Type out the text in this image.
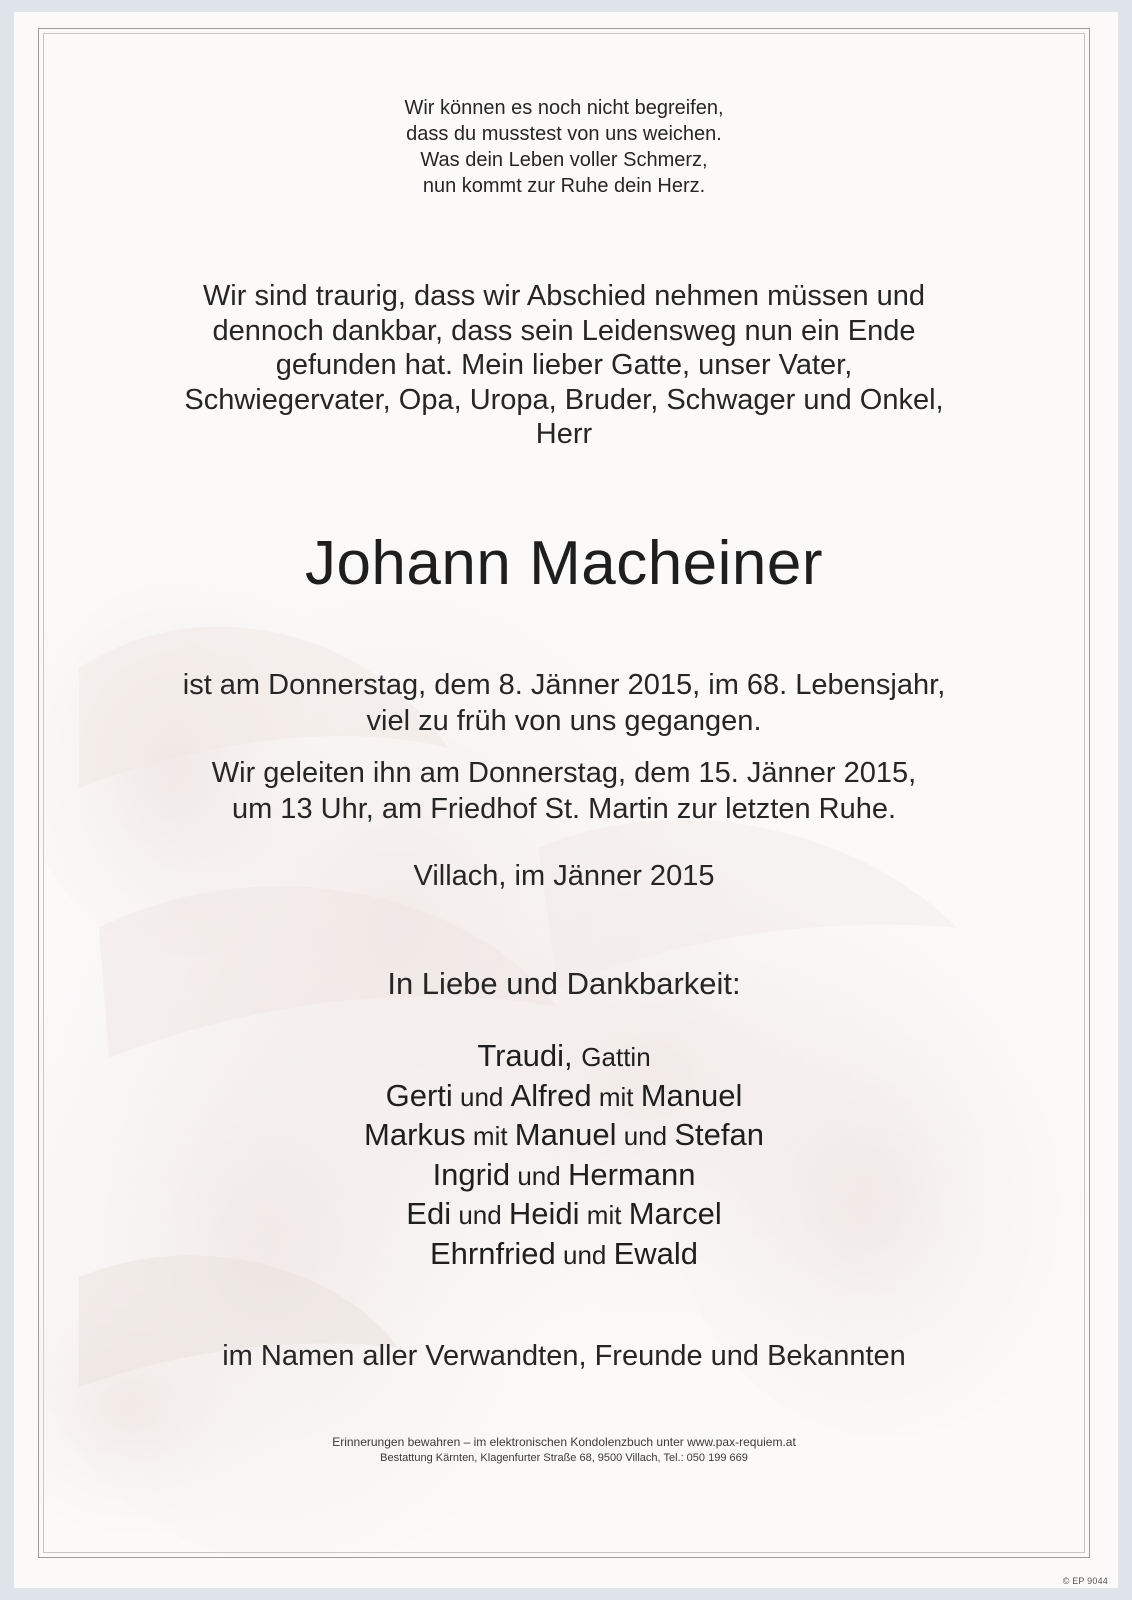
Wir können es noch nicht begreifen,
dass du musstest von uns weichen.
Was dein Leben voller Schmerz,
nun kommt zur Ruhe dein Herz.
Wir sind traurig, dass wir Abschied nehmen müssen und
dennoch dankbar, dass sein Leidensweg nun ein Ende
gefunden hat. Mein lieber Gatte, unser Vater,
Schwiegervater, Opa, Uropa, Bruder, Schwager und Onkel,
Herr
Johann Macheiner
ist am Donnerstag, dem 8. Jänner 2015, im 68. Lebensjahr,
viel zu früh von uns gegangen.
Wir geleiten ihn am Donnerstag, dem 15. Jänner 2015,
um 13 Uhr, am Friedhof St. Martin zur letzten Ruhe.
Villach, im Jänner 2015
In Liebe und Dankbarkeit:
Traudi, Gattin
Gerti und Alfred mit Manuel
Markus mit Manuel und Stefan
Ingrid und Hermann
Edi und Heidi mit Marcel
Ehrnfried und Ewald
im Namen aller Verwandten, Freunde und Bekannten
Erinnerungen bewahren – im elektronischen Kondolenzbuch unter www.pax-requiem.at
Bestattung Kärnten, Klagenfurter Straße 68, 9500 Villach, Tel.: 050 199 669
© EP 9044
